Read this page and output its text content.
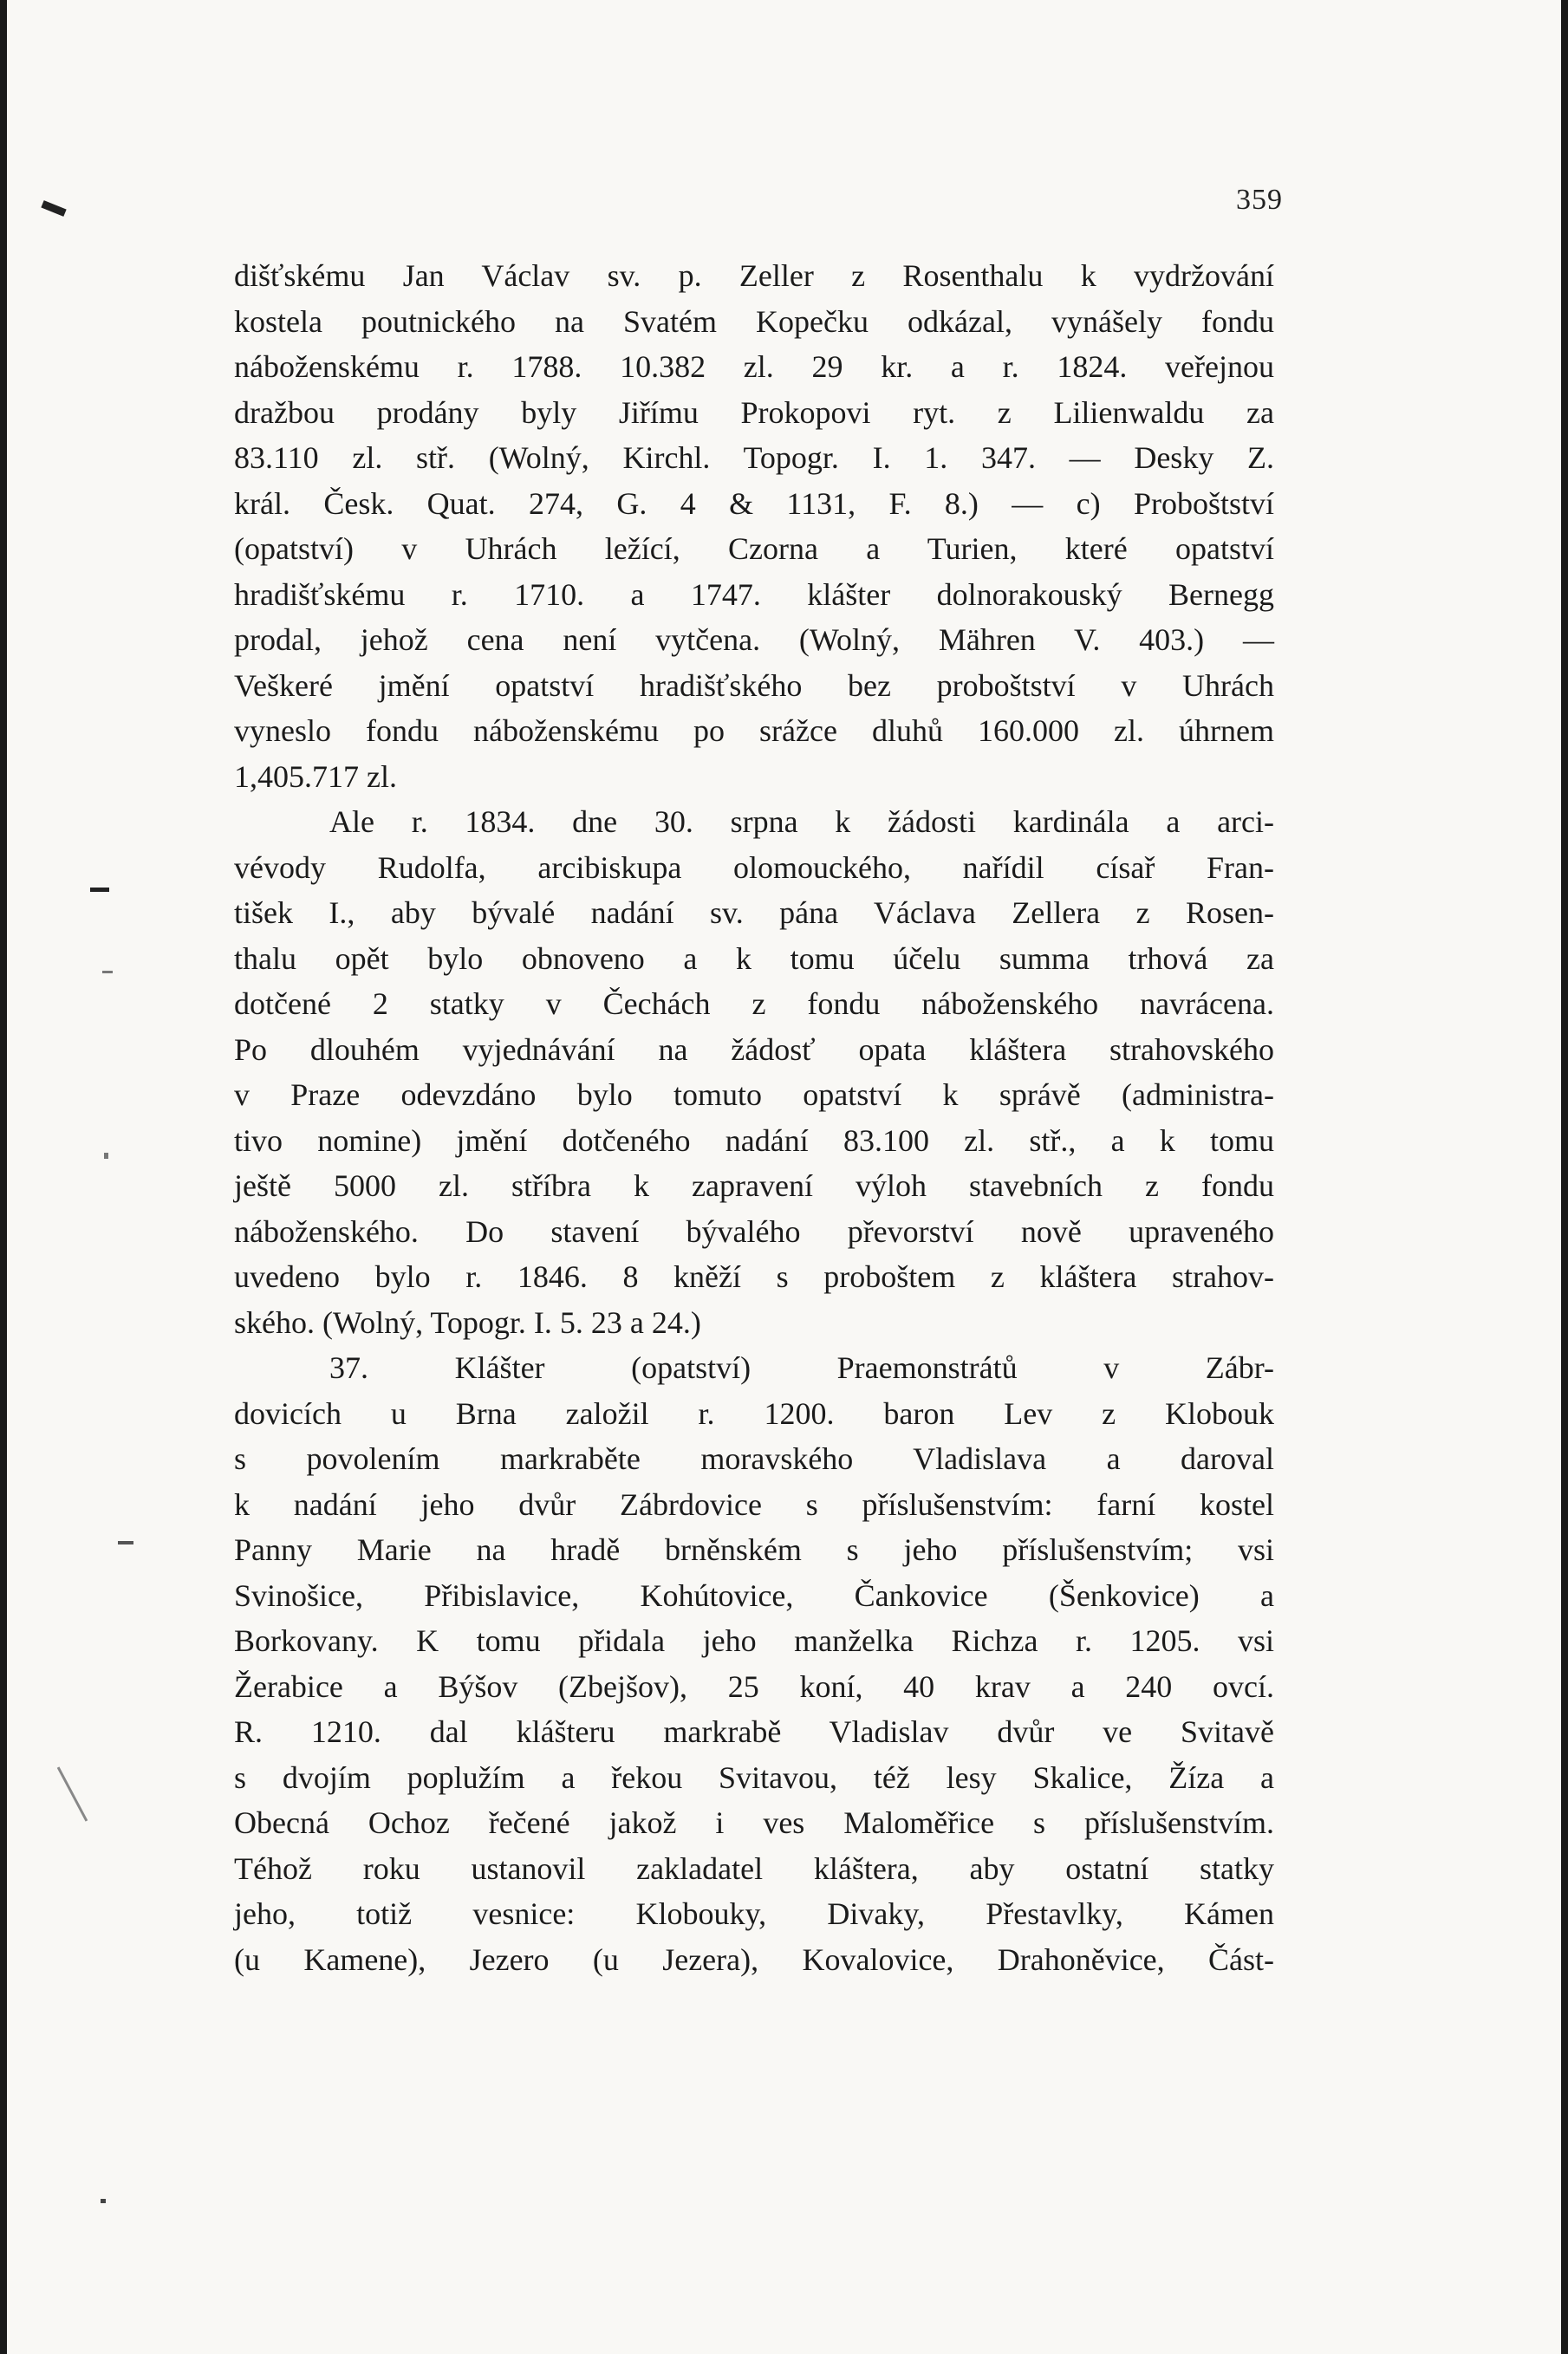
359
dišťskému Jan Václav sv. p. Zeller z Rosenthalu k vydržování
kostela poutnického na Svatém Kopečku odkázal, vynášely fondu
náboženskému r. 1788. 10.382 zl. 29 kr. a r. 1824. veřejnou
dražbou prodány byly Jiřímu Prokopovi ryt. z Lilienwaldu za
83.110 zl. stř. (Wolný, Kirchl. Topogr. I. 1. 347. — Desky Z.
král. Česk. Quat. 274, G. 4 & 1131, F. 8.) — c) Proboštství
(opatství) v Uhrách ležící, Czorna a Turien, které opatství
hradišťskému r. 1710. a 1747. klášter dolnorakouský Bernegg
prodal, jehož cena není vytčena. (Wolný, Mähren V. 403.) —
Veškeré jmění opatství hradišťského bez proboštství v Uhrách
vyneslo fondu náboženskému po srážce dluhů 160.000 zl. úhrnem
1,405.717 zl.
Ale r. 1834. dne 30. srpna k žádosti kardinála a arci-
vévody Rudolfa, arcibiskupa olomouckého, nařídil císař Fran-
tišek I., aby bývalé nadání sv. pána Václava Zellera z Rosen-
thalu opět bylo obnoveno a k tomu účelu summa trhová za
dotčené 2 statky v Čechách z fondu náboženského navrácena.
Po dlouhém vyjednávání na žádosť opata kláštera strahovského
v Praze odevzdáno bylo tomuto opatství k správě (administra-
tivo nomine) jmění dotčeného nadání 83.100 zl. stř., a k tomu
ještě 5000 zl. stříbra k zapravení výloh stavebních z fondu
náboženského. Do stavení bývalého převorství nově upraveného
uvedeno bylo r. 1846. 8 kněží s proboštem z kláštera strahov-
ského. (Wolný, Topogr. I. 5. 23 a 24.)
37. Klášter (opatství) Praemonstrátů v Zábr-
dovicích u Brna založil r. 1200. baron Lev z Klobouk
s povolením markraběte moravského Vladislava a daroval
k nadání jeho dvůr Zábrdovice s příslušenstvím: farní kostel
Panny Marie na hradě brněnském s jeho příslušenstvím; vsi
Svinošice, Přibislavice, Kohútovice, Čankovice (Šenkovice) a
Borkovany. K tomu přidala jeho manželka Richza r. 1205. vsi
Žerabice a Býšov (Zbejšov), 25 koní, 40 krav a 240 ovcí.
R. 1210. dal klášteru markrabě Vladislav dvůr ve Svitavě
s dvojím poplužím a řekou Svitavou, též lesy Skalice, Žíza a
Obecná Ochoz řečené jakož i ves Maloměřice s příslušenstvím.
Téhož roku ustanovil zakladatel kláštera, aby ostatní statky
jeho, totiž vesnice: Klobouky, Divaky, Přestavlky, Kámen
(u Kamene), Jezero (u Jezera), Kovalovice, Drahoněvice, Část-
